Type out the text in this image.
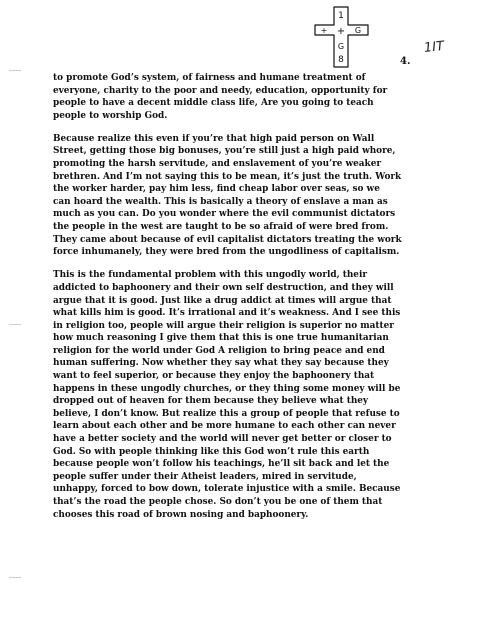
1
+ G
+
G
8
1IT
4.

to promote God’s system, of fairness and humane treatment of
everyone, charity to the poor and needy, education, opportunity for
people to have a decent middle class life, Are you going to teach
people to worship God.

Because realize this even if you’re that high paid person on Wall
Street, getting those big bonuses, you’re still just a high paid whore,
promoting the harsh servitude, and enslavement of you’re weaker
brethren. And I’m not saying this to be mean, it’s just the truth. Work
the worker harder, pay him less, find cheap labor over seas, so we
can hoard the wealth. This is basically a theory of enslave a man as
much as you can. Do you wonder where the evil communist dictators
the people in the west are taught to be so afraid of were bred from.
They came about because of evil capitalist dictators treating the work
force inhumanely, they were bred from the ungodliness of capitalism.

This is the fundamental problem with this ungodly world, their
addicted to baphoonery and their own self destruction, and they will
argue that it is good. Just like a drug addict at times will argue that
what kills him is good. It’s irrational and it’s weakness. And I see this
in religion too, people will argue their religion is superior no matter
how much reasoning I give them that this is one true humanitarian
religion for the world under God A religion to bring peace and end
human suffering. Now whether they say what they say because they
want to feel superior, or because they enjoy the baphoonery that
happens in these ungodly churches, or they thing some money will be
dropped out of heaven for them because they believe what they
believe, I don’t know. But realize this a group of people that refuse to
learn about each other and be more humane to each other can never
have a better society and the world will never get better or closer to
God. So with people thinking like this God won’t rule this earth
because people won’t follow his teachings, he’ll sit back and let the
people suffer under their Atheist leaders, mired in servitude,
unhappy, forced to bow down, tolerate injustice with a smile. Because
that’s the road the people chose. So don’t you be one of them that
chooses this road of brown nosing and baphoonery.
